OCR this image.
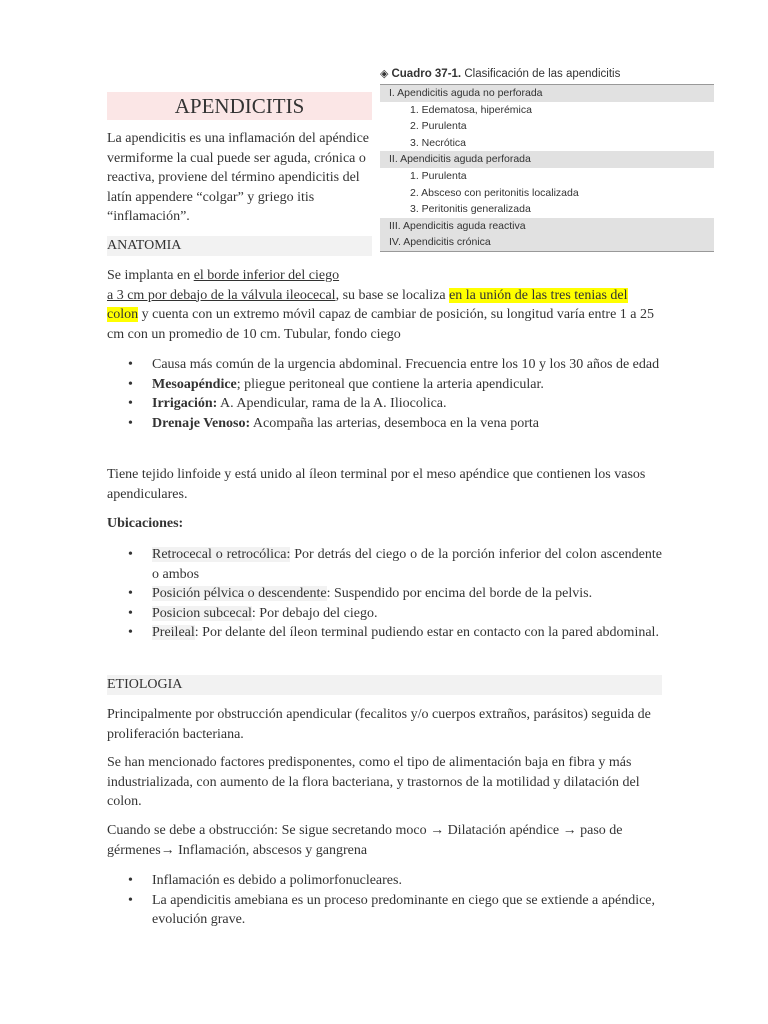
APENDICITIS
La apendicitis es una inflamación del apéndice vermiforme la cual puede ser aguda, crónica o reactiva, proviene del término apendicitis del latín appendere “colgar” y griego itis “inflamación”.
ANATOMIA
◈ Cuadro 37-1. Clasificación de las apendicitis
I. Apendicitis aguda no perforada
1. Edematosa, hiperémica
2. Purulenta
3. Necrótica
II. Apendicitis aguda perforada
1. Purulenta
2. Absceso con peritonitis localizada
3. Peritonitis generalizada
III. Apendicitis aguda reactiva
IV. Apendicitis crónica
Se implanta en el borde inferior del ciego
a 3 cm por debajo de la válvula ileocecal, su base se localiza en la unión de las tres tenias del colon y cuenta con un extremo móvil capaz de cambiar de posición, su longitud varía entre 1 a 25 cm con un promedio de 10 cm. Tubular, fondo ciego
• Causa más común de la urgencia abdominal. Frecuencia entre los 10 y los 30 años de edad
• Mesoapéndice; pliegue peritoneal que contiene la arteria apendicular.
• Irrigación: A. Apendicular, rama de la A. Iliocolica.
• Drenaje Venoso: Acompaña las arterias, desemboca en la vena porta
Tiene tejido linfoide y está unido al íleon terminal por el meso apéndice que contienen los vasos apendiculares.
Ubicaciones:
• Retrocecal o retrocólica: Por detrás del ciego o de la porción inferior del colon ascendente o ambos
• Posición pélvica o descendente: Suspendido por encima del borde de la pelvis.
• Posicion subcecal: Por debajo del ciego.
• Preileal: Por delante del íleon terminal pudiendo estar en contacto con la pared abdominal.
ETIOLOGIA
Principalmente por obstrucción apendicular (fecalitos y/o cuerpos extraños, parásitos) seguida de proliferación bacteriana.
Se han mencionado factores predisponentes, como el tipo de alimentación baja en fibra y más industrializada, con aumento de la flora bacteriana, y trastornos de la motilidad y dilatación del colon.
Cuando se debe a obstrucción: Se sigue secretando moco → Dilatación apéndice → paso de gérmenes→ Inflamación, abscesos y gangrena
• Inflamación es debido a polimorfonucleares.
• La apendicitis amebiana es un proceso predominante en ciego que se extiende a apéndice, evolución grave.
